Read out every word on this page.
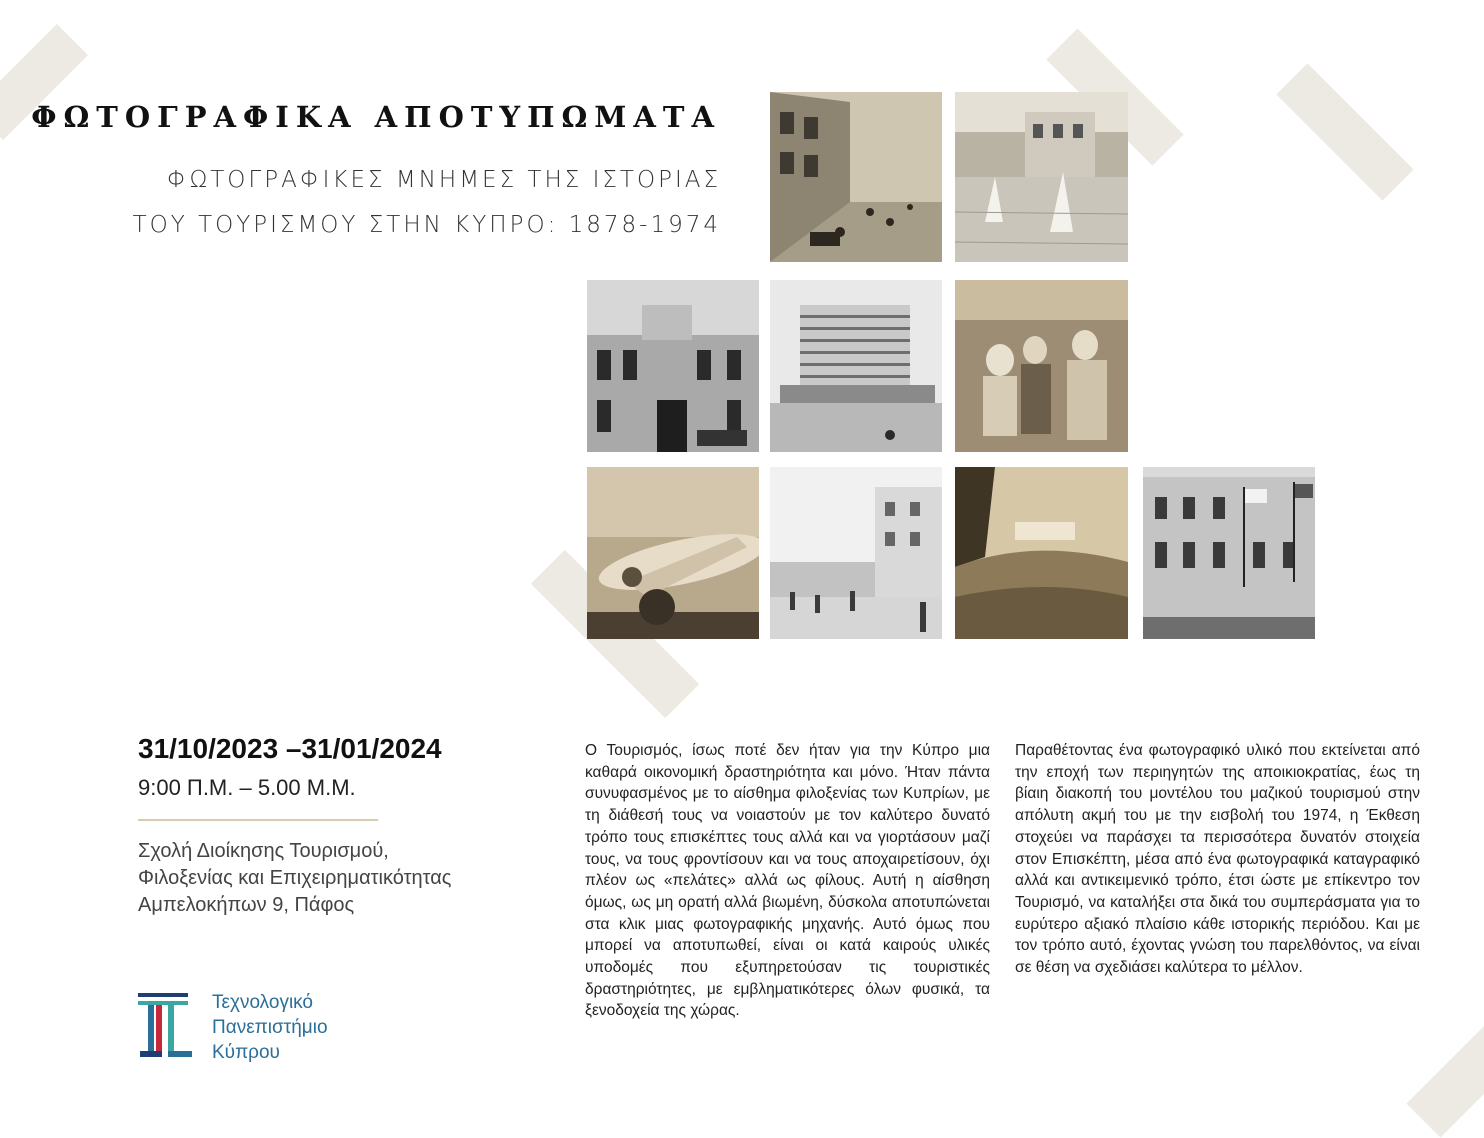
ΦΩΤΟΓΡΑΦΙΚΑ ΑΠΟΤΥΠΩΜΑΤΑ
ΦΩΤΟΓΡΑΦΙΚΕΣ ΜΝΗΜΕΣ ΤΗΣ ΙΣΤΟΡΙΑΣ
ΤΟΥ ΤΟΥΡΙΣΜΟΥ ΣΤΗΝ ΚΥΠΡΟ: 1878-1974

31/10/2023 –31/01/2024

9:00 Π.Μ. – 5.00 Μ.Μ.

Σχολή Διοίκησης Τουρισμού,
Φιλοξενίας και Επιχειρηματικότητας
Αμπελοκήπων 9, Πάφος

Ο Τουρισμός, ίσως ποτέ δεν ήταν για την Κύπρο μια καθαρά οικονομική δραστηριότητα και μόνο. Ήταν πάντα συνυφασμένος με το αίσθημα φιλοξενίας των Κυπρίων, με τη διάθεσή τους να νοιαστούν με τον καλύτερο δυνατό τρόπο τους επισκέπτες τους αλλά και να γιορτάσουν μαζί τους, να τους φροντίσουν και να τους αποχαιρετίσουν, όχι πλέον ως «πελάτες» αλλά ως φίλους. Αυτή η αίσθηση όμως, ως μη ορατή αλλά βιωμένη, δύσκολα αποτυπώνεται στα κλικ μιας φωτογραφικής μηχανής. Αυτό όμως που μπορεί να αποτυπωθεί, είναι οι κατά καιρούς υλικές υποδομές που εξυπηρετούσαν τις τουριστικές δραστηριότητες, με εμβληματικότερες όλων φυσικά, τα ξενοδοχεία της χώρας.

Παραθέτοντας ένα φωτογραφικό υλικό που εκτείνεται από την εποχή των περιηγητών της αποικιοκρατίας, έως τη βίαιη διακοπή του μοντέλου του μαζικού τουρισμού στην απόλυτη ακμή του με την εισβολή του 1974, η Έκθεση στοχεύει να παράσχει τα περισσότερα δυνατόν στοιχεία στον Επισκέπτη, μέσα από ένα φωτογραφικά καταγραφικό αλλά και αντικειμενικό τρόπο, έτσι ώστε με επίκεντρο τον Τουρισμό, να καταλήξει στα δικά του συμπεράσματα για το ευρύτερο αξιακό πλαίσιο κάθε ιστορικής περιόδου. Και με τον τρόπο αυτό, έχοντας γνώση του παρελθόντος, να είναι σε θέση να σχεδιάσει καλύτερα το μέλλον.

Τεχνολογικό
Πανεπιστήμιο
Κύπρου
